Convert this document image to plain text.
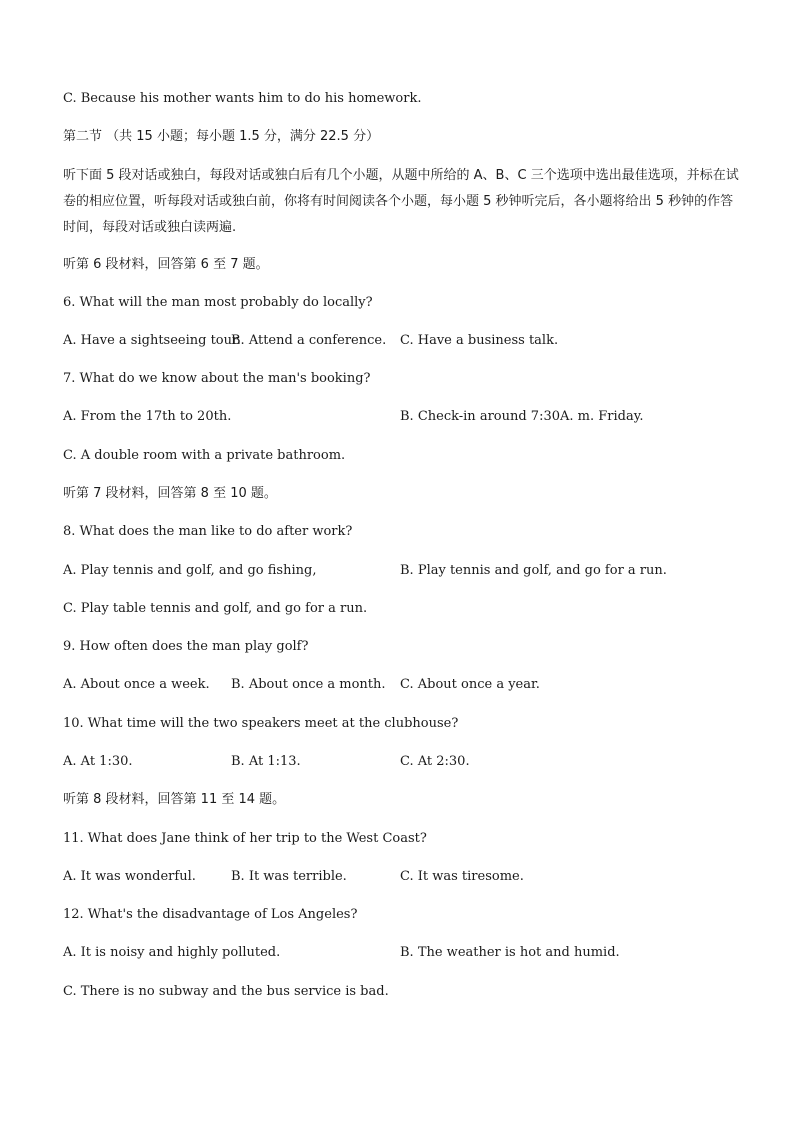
C. Because his mother wants him to do his homework.
第二节 （共 15 小题；每小题 1.5 分，满分 22.5 分）
听下面 5 段对话或独白，每段对话或独白后有几个小题，从题中所给的 A、B、C 三个选项中选出最佳选项，并标在试卷的相应位置，听每段对话或独白前，你将有时间阅读各个小题，每小题 5 秒钟听完后，各小题将给出 5 秒钟的作答时间，每段对话或独白读两遍.
听第 6 段材料，回答第 6 至 7 题。
6. What will the man most probably do locally?
A. Have a sightseeing tour.
B. Attend a conference. C. Have a business talk.
7. What do we know about the man's booking?
A. From the 17th to 20th.	B. Check-in around 7:30A. m. Friday.
C. A double room with a private bathroom.
听第 7 段材料，回答第 8 至 10 题。
8. What does the man like to do after work?
A. Play tennis and golf, and go fishing,	B. Play tennis and golf, and go for a run.
C. Play table tennis and golf, and go for a run.
9. How often does the man play golf?
A. About once a week. B. About once a month. C. About once a year.
10. What time will the two speakers meet at the clubhouse?
A. At 1:30.	B. At 1:13.	C. At 2:30.
听第 8 段材料，回答第 11 至 14 题。
11. What does Jane think of her trip to the West Coast?
A. It was wonderful.	B. It was terrible.	C. It was tiresome.
12. What's the disadvantage of Los Angeles?
A. It is noisy and highly polluted.	B. The weather is hot and humid.
C. There is no subway and the bus service is bad.
